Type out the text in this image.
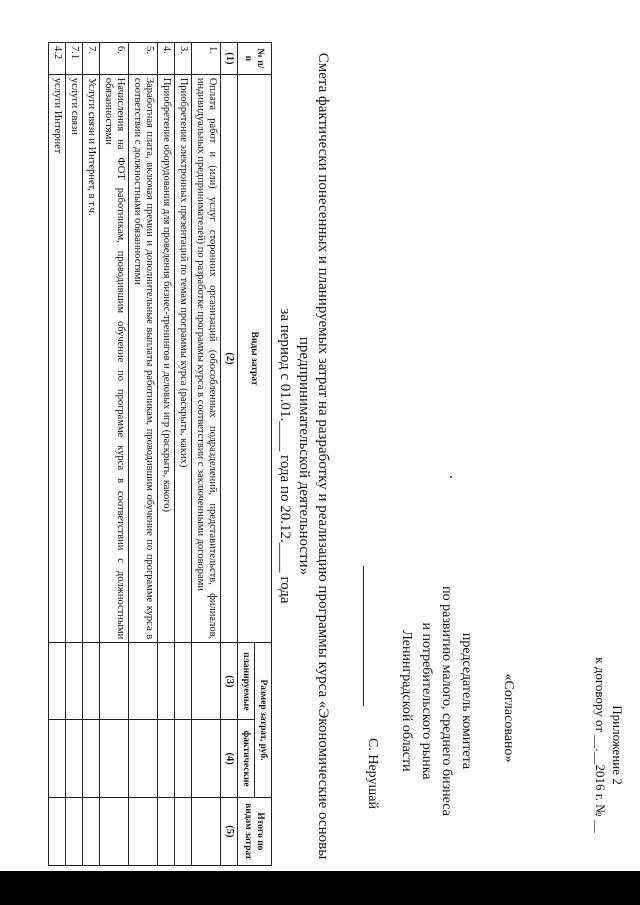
Приложение 2
к договору от __.__2016 г. № __
«Согласовано»
председатель комитета
по развитию малого, среднего бизнеса
и потребительского рынка
Ленинградской области
С. Нерушай
Смета фактически понесенных и планируемых затрат на разработку и реализацию программы курса «Экономические основы
предпринимательской деятельности»
за период с 01.01.____ года по 20.12.____ года
№ п/п	Виды затрат	Размер затрат, руб.		Итого по видам затрат
		планируемые	фактические	
(1)	(2)	(3)	(4)	(5)
1.	Оплата работ и (или) услуг сторонних организаций (обособленных подразделений, представительств, филиалов, индивидуальных предпринимателей) по разработке программы курса в соответствии с заключенными договорами			
3.	Приобретение электронных презентаций по темам программы курса (раскрыть, каких)			
4.	Приобретение оборудования для проведения бизнес-тренингов и деловых игр (раскрыть, какого)			
5.	Заработная плата, включая премии и дополнительные выплаты работникам, проводившим обучение по программе курса в соответствии с должностными обязанностями			
6.	Начисления на ФОТ работникам, проводившим обучение по программе курса в соответствии с должностными обязанностями			
7.	Услуги связи и Интернет, в т.ч.			
7.1	услуги связи			
4.2	услуги Интернет			
